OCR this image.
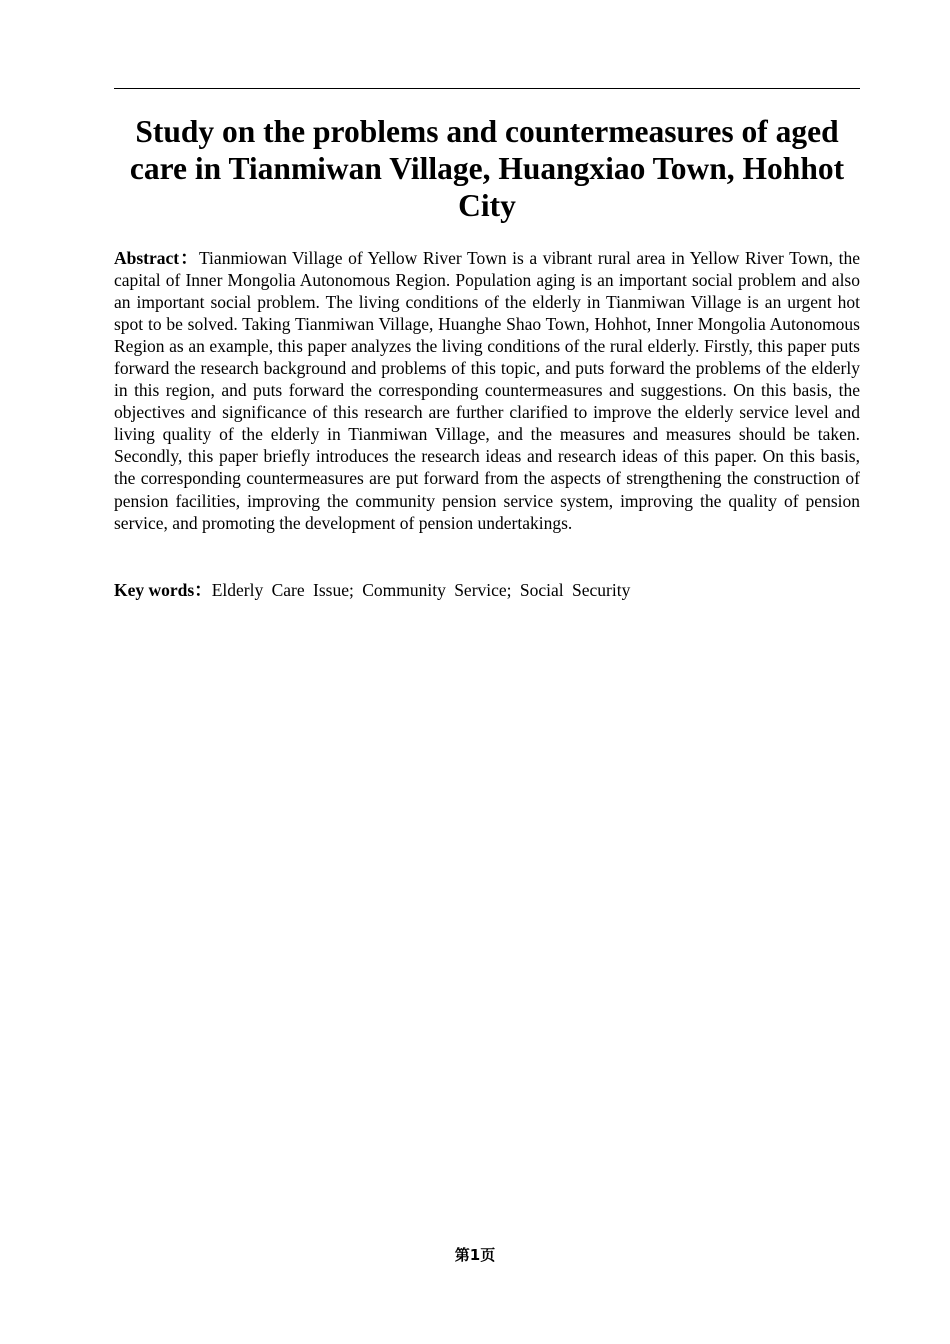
Study on the problems and countermeasures of aged care in Tianmiwan Village, Huangxiao Town, Hohhot City

Abstract：Tianmiowan Village of Yellow River Town is a vibrant rural area in Yellow River Town, the capital of Inner Mongolia Autonomous Region. Population aging is an important social problem and also an important social problem. The living conditions of the elderly in Tianmiwan Village is an urgent hot spot to be solved. Taking Tianmiwan Village, Huanghe Shao Town, Hohhot, Inner Mongolia Autonomous Region as an example, this paper analyzes the living conditions of the rural elderly. Firstly, this paper puts forward the research background and problems of this topic, and puts forward the problems of the elderly in this region, and puts forward the corresponding countermeasures and suggestions. On this basis, the objectives and significance of this research are further clarified to improve the elderly service level and living quality of the elderly in Tianmiwan Village, and the measures and measures should be taken. Secondly, this paper briefly introduces the research ideas and research ideas of this paper. On this basis, the corresponding countermeasures are put forward from the aspects of strengthening the construction of pension facilities, improving the community pension service system, improving the quality of pension service, and promoting the development of pension undertakings.

Key words：Elderly Care Issue; Community Service; Social Security

第1页
